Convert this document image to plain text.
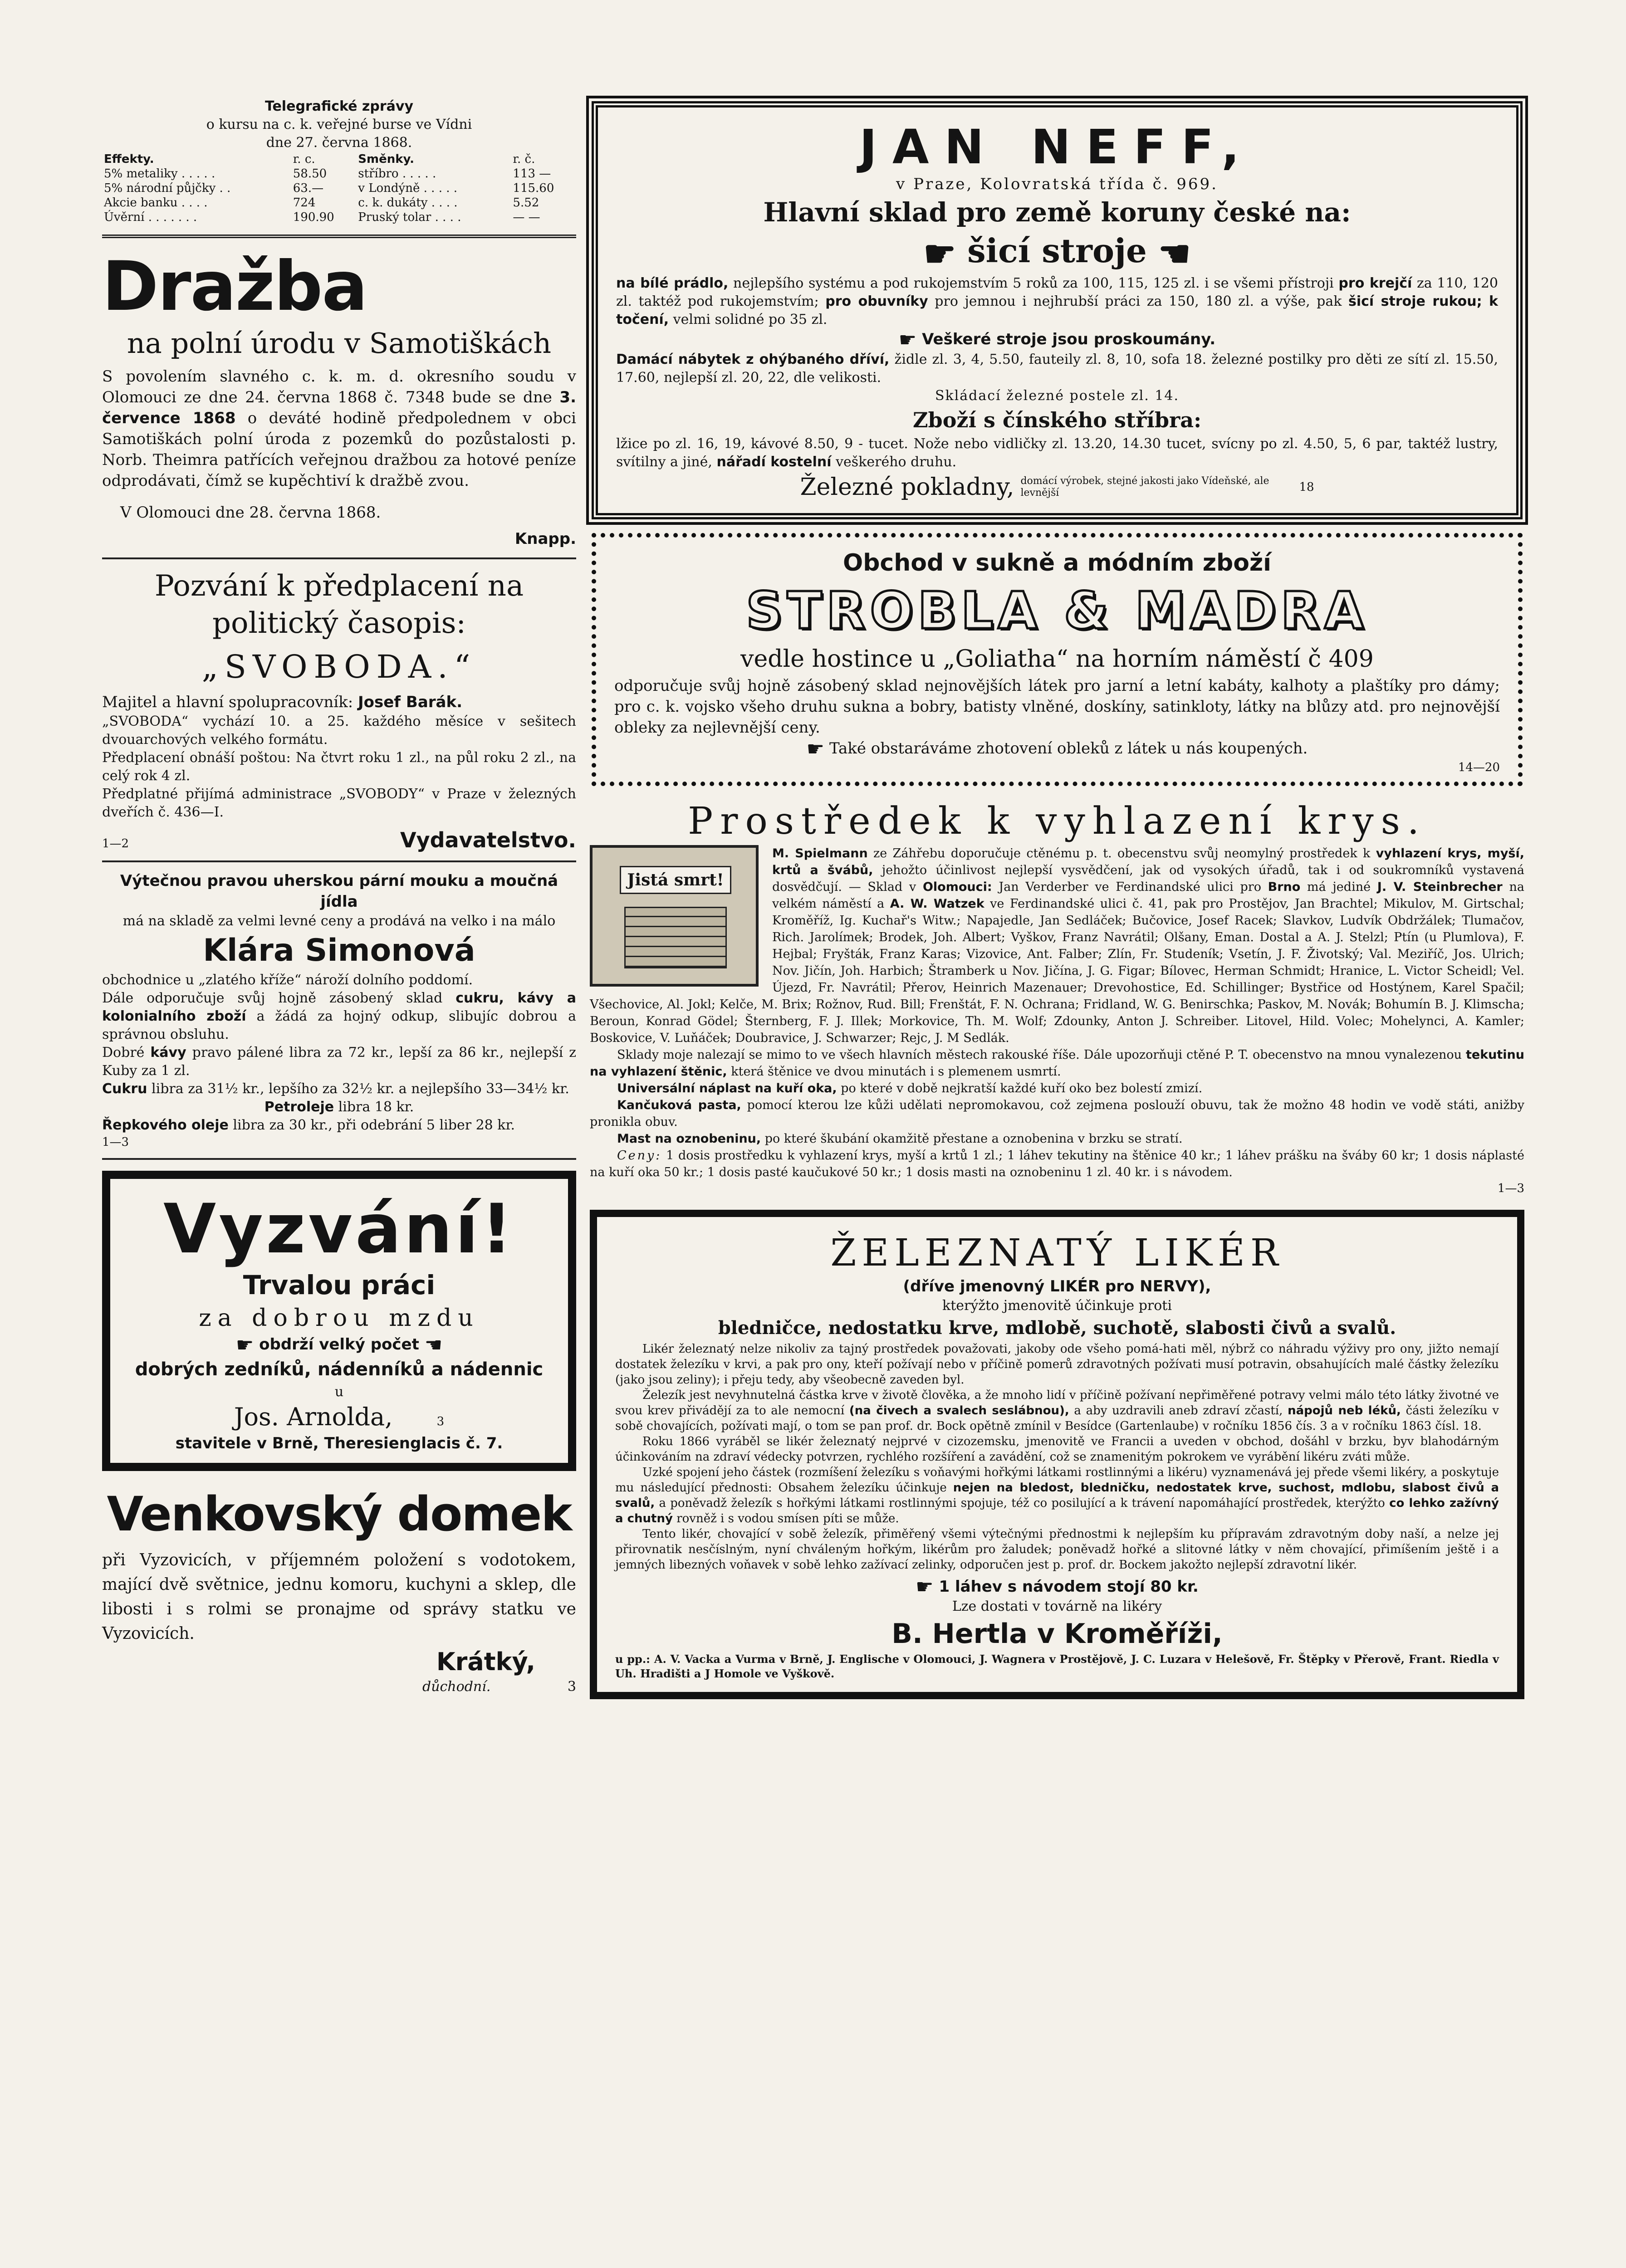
Telegrafické zprávy

o kursu na c. k. veřejné burse ve Vídni

dne 27. června 1868.

Effekty.	r. c.	Směnky.	r. č.
5% metaliky . . . . .	58.50	stříbro . . . . .	113 —
5% národní půjčky . .	63.—	v Londýně . . . . .	115.60
Akcie banku . . . .	724	c. k. dukáty . . . .	5.52
Úvěrní . . . . . . .	190.90	Pruský tolar . . . .	— —

Dražba

na polní úrodu v Samotiškách

S povolením slavného c. k. m. d. okresního soudu v Olomouci ze dne 24. června 1868 č. 7348 bude se dne 3. července 1868 o deváté hodině předpolednem v obci Samotiškách polní úroda z pozemků do pozůstalosti p. Norb. Theimra patřících veřejnou dražbou za hotové peníze odprodávati, čímž se kupěchtiví k dražbě zvou.

V Olomouci dne 28. června 1868.

Knapp.

Pozvání k předplacení na politický časopis:

„SVOBODA.“

Majitel a hlavní spolupracovník: Josef Barák.

„SVOBODA“ vychází 10. a 25. každého měsíce v sešitech dvouarchových velkého formátu.

Předplacení obnáší poštou: Na čtvrt roku 1 zl., na půl roku 2 zl., na celý rok 4 zl.

Předplatné přijímá administrace „SVOBODY“ v Praze v železných dveřích č. 436—I.

1—2	Vydavatelstvo.

Výtečnou pravou uherskou pární mouku a moučná jídla

má na skladě za velmi levné ceny a prodává na velko i na málo

Klára Simonová

obchodnice u „zlatého kříže“ nároží dolního poddomí.

Dále odporučuje svůj hojně zásobený sklad cukru, kávy a kolonialního zboží a žádá za hojný odkup, slibujíc dobrou a správnou obsluhu.

Dobré kávy pravo pálené libra za 72 kr., lepší za 86 kr., nejlepší z Kuby za 1 zl.

Cukru libra za 31½ kr., lepšího za 32½ kr. a nejlepšího 33—34½ kr.

Petroleje libra 18 kr.

Řepkového oleje libra za 30 kr., při odebrání 5 liber 28 kr.

1—3

Vyzvání!

Trvalou práci

za dobrou mzdu

☛ obdrží velký počet ☚

dobrých zedníků, nádenníků a nádennic

u

Jos. Arnolda,	3

stavitele v Brně, Theresienglacis č. 7.

Venkovský domek

při Vyzovicích, v příjemném položení s vodotokem, mající dvě světnice, jednu komoru, kuchyni a sklep, dle libosti i s rolmi se pronajme od správy statku ve Vyzovicích.

Krátký,

důchodní.	3

JAN NEFF,

v Praze, Kolovratská třída č. 969.

Hlavní sklad pro země koruny české na:

☛ šicí stroje ☚

na bílé prádlo, nejlepšího systému a pod rukojemstvím 5 roků za 100, 115, 125 zl. i se všemi přístroji pro krejčí za 110, 120 zl. taktéž pod rukojemstvím; pro obuvníky pro jemnou i nejhrubší práci za 150, 180 zl. a výše, pak šicí stroje rukou; k točení, velmi solidné po 35 zl.

☛ Veškeré stroje jsou proskoumány.

Damácí nábytek z ohýbaného dříví, židle zl. 3, 4, 5.50, fauteily zl. 8, 10, sofa 18. železné postilky pro děti ze sítí zl. 15.50, 17.60, nejlepší zl. 20, 22, dle velikosti.

Skládací železné postele zl. 14.

Zboží s čínského stříbra:

lžice po zl. 16, 19, kávové 8.50, 9 - tucet. Nože nebo vidličky zl. 13.20, 14.30 tucet, svícny po zl. 4.50, 5, 6 par, taktéž lustry, svítilny a jiné, nářadí kostelní veškerého druhu.

Železné pokladny, domácí výrobek, stejné jakosti jako Vídeňské, ale levnější	18

Obchod v sukně a módním zboží

STROBLA & MADRA

vedle hostince u „Goliatha“ na horním náměstí č 409

odporučuje svůj hojně zásobený sklad nejnovějších látek pro jarní a letní kabáty, kalhoty a plaštíky pro dámy; pro c. k. vojsko všeho druhu sukna a bobry, batisty vlněné, doskíny, satinkloty, látky na blůzy atd. pro nejnovější obleky za nejlevnější ceny.

☛ Také obstaráváme zhotovení obleků z látek u nás koupených.

14—20

Prostředek k vyhlazení krys.

Jistá smrt!

M. Spielmann ze Záhřebu doporučuje ctěnému p. t. obecenstvu svůj neomylný prostředek k vyhlazení krys, myší, krtů a švábů, jehožto účinlivost nejlepší vysvědčení, jak od vysokých úřadů, tak i od soukromníků vystavená dosvědčují. — Sklad v Olomouci: Jan Verderber ve Ferdinandské ulici pro Brno má jediné J. V. Steinbrecher na velkém náměstí a A. W. Watzek ve Ferdinandské ulici č. 41, pak pro Prostějov, Jan Brachtel; Mikulov, M. Girtschal; Kroměříž, Ig. Kuchař's Witw.; Napajedle, Jan Sedláček; Bučovice, Josef Racek; Slavkov, Ludvík Obdržálek; Tlumačov, Rich. Jarolímek; Brodek, Joh. Albert; Vyškov, Franz Navrátil; Olšany, Eman. Dostal a A. J. Stelzl; Ptín (u Plumlova), F. Hejbal; Fryšták, Franz Karas; Vizovice, Ant. Falber; Zlín, Fr. Studeník; Vsetín, J. F. Životský; Val. Meziříč, Jos. Ulrich; Nov. Jičín, Joh. Harbich; Štramberk u Nov. Jičína, J. G. Figar; Bílovec, Herman Schmidt; Hranice, L. Victor Scheidl; Vel. Újezd, Fr. Navrátil; Přerov, Heinrich Mazenauer; Drevohostice, Ed. Schillinger; Bystřice od Hostýnem, Karel Spačil; Všechovice, Al. Jokl; Kelče, M. Brix; Rožnov, Rud. Bill; Frenštát, F. N. Ochrana; Fridland, W. G. Benirschka; Paskov, M. Novák; Bohumín B. J. Klimscha; Beroun, Konrad Gödel; Šternberg, F. J. Illek; Morkovice, Th. M. Wolf; Zdounky, Anton J. Schreiber. Litovel, Hild. Volec; Mohelynci, A. Kamler; Boskovice, V. Luňáček; Doubravice, J. Schwarzer; Rejc, J. M Sedlák.

Sklady moje nalezají se mimo to ve všech hlavních městech rakouské říše. Dále upozorňuji ctěné P. T. obecenstvo na mnou vynalezenou tekutinu na vyhlazení štěnic, která štěnice ve dvou minutách i s plemenem usmrtí.

Universální náplast na kuří oka, po které v době nejkratší každé kuří oko bez bolestí zmizí.

Kančuková pasta, pomocí kterou lze kůži udělati nepromokavou, což zejmena poslouží obuvu, tak že možno 48 hodin ve vodě státi, anižby pronikla obuv.

Mast na oznobeninu, po které škubání okamžitě přestane a oznobenina v brzku se stratí.

Ceny: 1 dosis prostředku k vyhlazení krys, myší a krtů 1 zl.; 1 láhev tekutiny na štěnice 40 kr.; 1 láhev prášku na šváby 60 kr; 1 dosis náplasté na kuří oka 50 kr.; 1 dosis pasté kaučukové 50 kr.; 1 dosis masti na oznobeninu 1 zl. 40 kr. i s návodem.

1—3

ŽELEZNATÝ LIKÉR

(dříve jmenovný LIKÉR pro NERVY),

kterýžto jmenovitě účinkuje proti

bledničce, nedostatku krve, mdlobě, suchotě, slabosti čivů a svalů.

Likér železnatý nelze nikoliv za tajný prostředek považovati, jakoby ode všeho pomá-hati měl, nýbrž co náhradu výživy pro ony, jižto nemají dostatek železíku v krvi, a pak pro ony, kteří požívají nebo v příčině pomerů zdravotných požívati musí potravin, obsahujících malé částky železíku (jako jsou zeliny); i přeju tedy, aby všeobecně zaveden byl.

Železík jest nevyhnutelná částka krve v životě člověka, a že mnoho lidí v příčině požívaní nepřiměřené potravy velmi málo této látky životné ve svou krev přivádějí za to ale nemocní (na čivech a svalech seslábnou), a aby uzdravili aneb zdraví zčastí, nápojů neb léků, části železíku v sobě chovajících, požívati mají, o tom se pan prof. dr. Bock opětně zmínil v Besídce (Gartenlaube) v ročníku 1856 čís. 3 a v ročníku 1863 čísl. 18.

Roku 1866 vyráběl se likér železnatý nejprvé v cizozemsku, jmenovitě ve Francii a uveden v obchod, došáhl v brzku, byv blahodárným účinkováním na zdraví védecky potvrzen, rychlého rozšíření a zavádění, což se znamenitým pokrokem ve vyrábění likéru zváti může.

Uzké spojení jeho částek (rozmíšení železíku s voňavými hořkými látkami rostlinnými a likéru) vyznamenává jej přede všemi likéry, a poskytuje mu následující přednosti: Obsahem železíku účinkuje nejen na bledost, bledničku, nedostatek krve, suchost, mdlobu, slabost čivů a svalů, a poněvadž železík s hořkými látkami rostlinnými spojuje, též co posilující a k trávení napomáhající prostředek, kterýžto co lehko zažívný a chutný rovněž i s vodou smísen píti se může.

Tento likér, chovající v sobě železík, přiměřený všemi výtečnými přednostmi k nejlepším ku přípravám zdravotným doby naší, a nelze jej přirovnatik nesčíslným, nyní chváleným hořkým, likérům pro žaludek; poněvadž hořké a slitovné látky v něm chovající, přimíšením ještě i a jemných libezných voňavek v sobě lehko zažívací zelinky, odporučen jest p. prof. dr. Bockem jakožto nejlepší zdravotní likér.

☛ 1 láhev s návodem stojí 80 kr.

Lze dostati v továrně na likéry

B. Hertla v Kroměříži,

u pp.: A. V. Vacka a Vurma v Brně, J. Englische v Olomouci, J. Wagnera v Prostějově, J. C. Luzara v Helešově, Fr. Štěpky v Přerově, Frant. Riedla v Uh. Hradišti a J Homole ve Vyškově.
